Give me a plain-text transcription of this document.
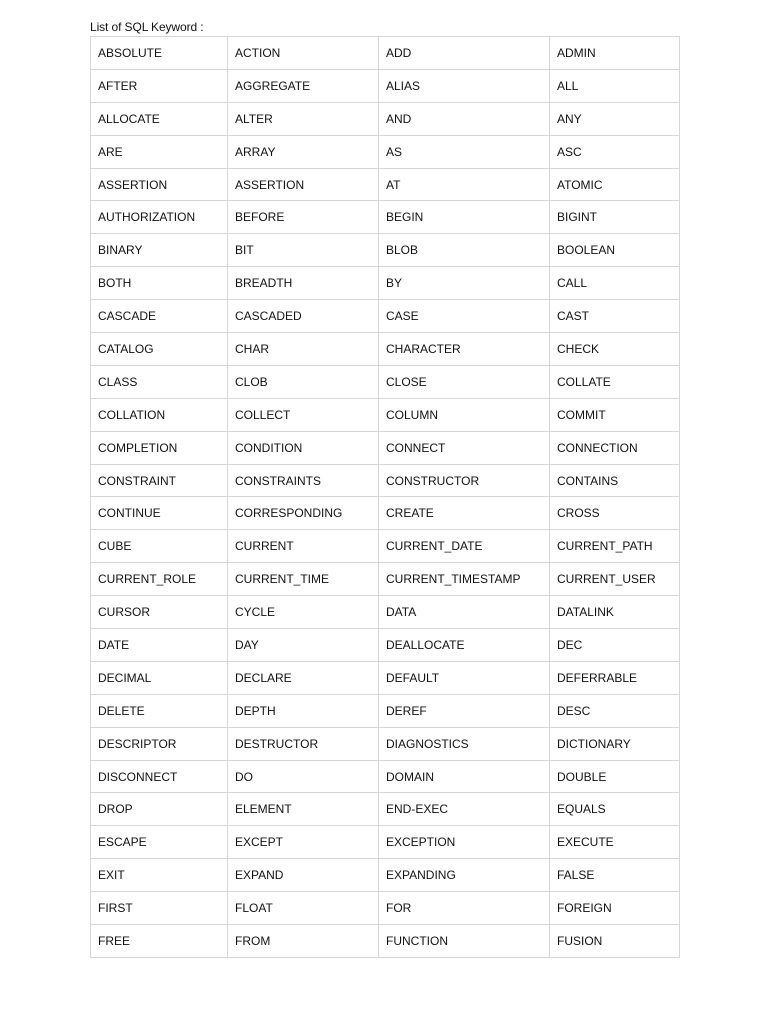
List of SQL Keyword :
ABSOLUTE	ACTION	ADD	ADMIN
AFTER	AGGREGATE	ALIAS	ALL
ALLOCATE	ALTER	AND	ANY
ARE	ARRAY	AS	ASC
ASSERTION	ASSERTION	AT	ATOMIC
AUTHORIZATION	BEFORE	BEGIN	BIGINT
BINARY	BIT	BLOB	BOOLEAN
BOTH	BREADTH	BY	CALL
CASCADE	CASCADED	CASE	CAST
CATALOG	CHAR	CHARACTER	CHECK
CLASS	CLOB	CLOSE	COLLATE
COLLATION	COLLECT	COLUMN	COMMIT
COMPLETION	CONDITION	CONNECT	CONNECTION
CONSTRAINT	CONSTRAINTS	CONSTRUCTOR	CONTAINS
CONTINUE	CORRESPONDING	CREATE	CROSS
CUBE	CURRENT	CURRENT_DATE	CURRENT_PATH
CURRENT_ROLE	CURRENT_TIME	CURRENT_TIMESTAMP	CURRENT_USER
CURSOR	CYCLE	DATA	DATALINK
DATE	DAY	DEALLOCATE	DEC
DECIMAL	DECLARE	DEFAULT	DEFERRABLE
DELETE	DEPTH	DEREF	DESC
DESCRIPTOR	DESTRUCTOR	DIAGNOSTICS	DICTIONARY
DISCONNECT	DO	DOMAIN	DOUBLE
DROP	ELEMENT	END-EXEC	EQUALS
ESCAPE	EXCEPT	EXCEPTION	EXECUTE
EXIT	EXPAND	EXPANDING	FALSE
FIRST	FLOAT	FOR	FOREIGN
FREE	FROM	FUNCTION	FUSION
